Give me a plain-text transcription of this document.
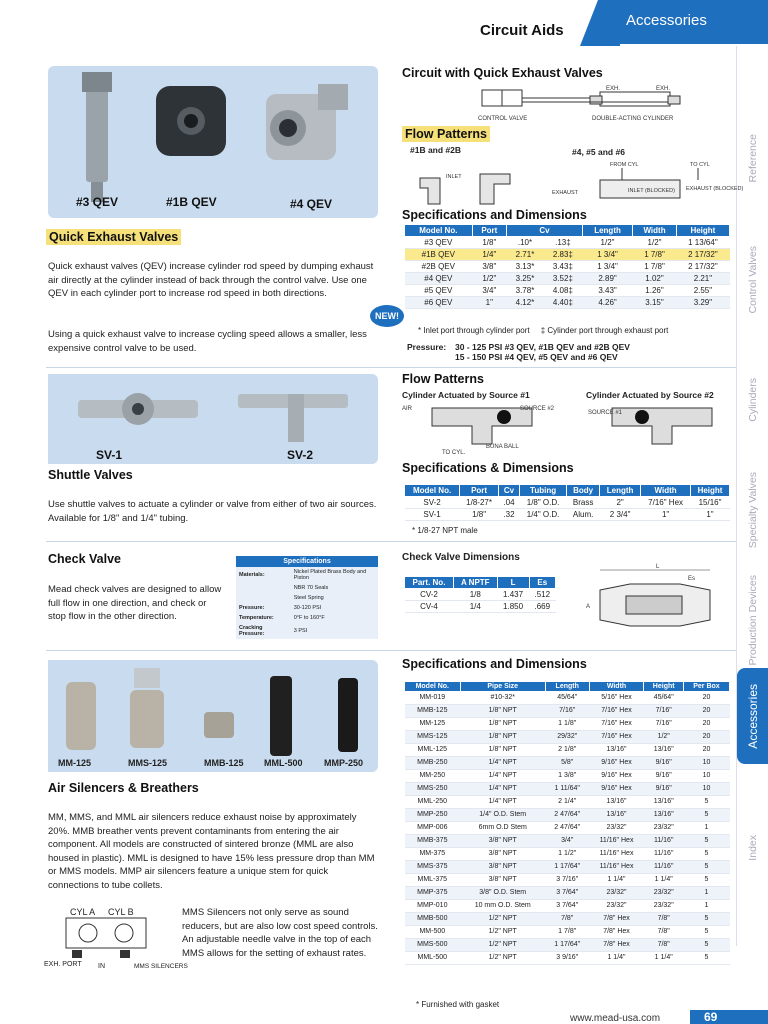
Accessories
Circuit Aids
Reference
Control Valves
Cylinders
Specialty Valves
Production Devices
Accessories
Index
#3 QEV	#1B QEV	#4 QEV
Quick Exhaust Valves
Quick exhaust valves (QEV) increase cylinder rod speed by dumping exhaust air directly at the cylinder instead of back through the control valve. Use one QEV in each cylinder port to increase rod speed in both directions.
Using a quick exhaust valve to increase cycling speed allows a smaller, less expensive control valve to be used.
Circuit with Quick Exhaust Valves
CONTROL VALVE	DOUBLE-ACTING CYLINDER
EXH.	EXH.
Flow Patterns
#1B and #2B	#4, #5 and #6
FROM CYL	TO CYL
INLET (BLOCKED) EXHAUST (BLOCKED)
EXHAUST
INLET
Specifications and Dimensions
Model No.	Port	Cv		Length	Width	Height
#3 QEV	1/8"	.10*	.13‡	1/2"	1/2"	1 13/64"
#1B QEV	1/4"	2.71*	2.83‡	1 3/4"	1 7/8"	2 17/32"
#2B QEV	3/8"	3.13*	3.43‡	1 3/4"	1 7/8"	2 17/32"
#4 QEV	1/2"	3.25*	3.52‡	2.89"	1.02"	2.21"
#5 QEV	3/4"	3.78*	4.08‡	3.43"	1.26"	2.55"
#6 QEV	1"	4.12*	4.40‡	4.26"	3.15"	3.29"
NEW!
* Inlet port through cylinder port     ‡ Cylinder port through exhaust port
Pressure: 30 - 125 PSI #3 QEV, #1B QEV and #2B QEV
15 - 150 PSI #4 QEV, #5 QEV and #6 QEV
SV-1	SV-2
Shuttle Valves
Use shuttle valves to actuate a cylinder or valve from either of two air sources. Available for 1/8" and 1/4" tubing.
Flow Patterns
Cylinder Actuated by Source #1	Cylinder Actuated by Source #2
SOURCE #2
SOURCE #1
BUNA BALL
TO CYL.
AIR
Specifications & Dimensions
Model No.	Port	Cv	Tubing	Body	Length	Width	Height
SV-2	1/8-27*	.04	1/8" O.D.	Brass	2"	7/16" Hex	15/16"
SV-1	1/8"	.32	1/4" O.D.	Alum.	2 3/4"	1"	1"
* 1/8-27 NPT male
Check Valve
Mead check valves are designed to allow full flow in one direction, and check or stop flow in the other direction.
Specifications
Materials:	Nickel Plated Brass Body and Piston
	NBR 70 Seals
	Steel Spring
Pressure:	30-120 PSI
Temperature:	0°F to 160°F
Cracking Pressure:	3 PSI
Check Valve Dimensions
Part. No.	A NPTF	L	Es
CV-2	1/8	1.437	.512
CV-4	1/4	1.850	.669
L
Es
A
MM-125	MMS-125	MMB-125 MML-500 MMP-250
Air Silencers & Breathers
MM, MMS, and MML air silencers reduce exhaust noise by approximately 20%. MMB breather vents prevent contaminants from entering the air component. All models are constructed of sintered bronze (MML are also housed in plastic). MML is designed to have 15% less pressure drop than MM or MMS models. MMP air silencers feature a unique stem for quick connections to tube collets.
MMS Silencers not only serve as sound reducers, but are also low cost speed controls. An adjustable needle valve in the top of each MMS allows for the setting of exhaust rates.
CYL A CYL B
EXH. PORT IN	MMS SILENCERS
Specifications and Dimensions
Model No.	Pipe Size	Length	Width	Height	Per Box
MM-019	#10-32*	45/64"	5/16" Hex	45/64"	20
MMB-125	1/8" NPT	7/16"	7/16" Hex	7/16"	20
MM-125	1/8" NPT	1 1/8"	7/16" Hex	7/16"	20
MMS-125	1/8" NPT	29/32"	7/16" Hex	1/2"	20
MML-125	1/8" NPT	2 1/8"	13/16"	13/16"	20
MMB-250	1/4" NPT	5/8"	9/16" Hex	9/16"	10
MM-250	1/4" NPT	1 3/8"	9/16" Hex	9/16"	10
MMS-250	1/4" NPT	1 11/64"	9/16" Hex	9/16"	10
MML-250	1/4" NPT	2 1/4"	13/16"	13/16"	5
MMP-250	1/4" O.D. Stem	2 47/64"	13/16"	13/16"	5
MMP-006	6mm O.D Stem	2 47/64"	23/32"	23/32"	1
MMB-375	3/8" NPT	3/4"	11/16" Hex	11/16"	5
MM-375	3/8" NPT	1 1/2"	11/16" Hex	11/16"	5
MMS-375	3/8" NPT	1 17/64"	11/16" Hex	11/16"	5
MML-375	3/8" NPT	3 7/16"	1 1/4"	1 1/4"	5
MMP-375	3/8" O.D. Stem	3 7/64"	23/32"	23/32"	1
MMP-010	10 mm O.D. Stem	3 7/64"	23/32"	23/32"	1
MMB-500	1/2" NPT	7/8"	7/8" Hex	7/8"	5
MM-500	1/2" NPT	1 7/8"	7/8" Hex	7/8"	5
MMS-500	1/2" NPT	1 17/64"	7/8" Hex	7/8"	5
MML-500	1/2" NPT	3 9/16"	1 1/4"	1 1/4"	5
* Furnished with gasket
www.mead-usa.com	69
